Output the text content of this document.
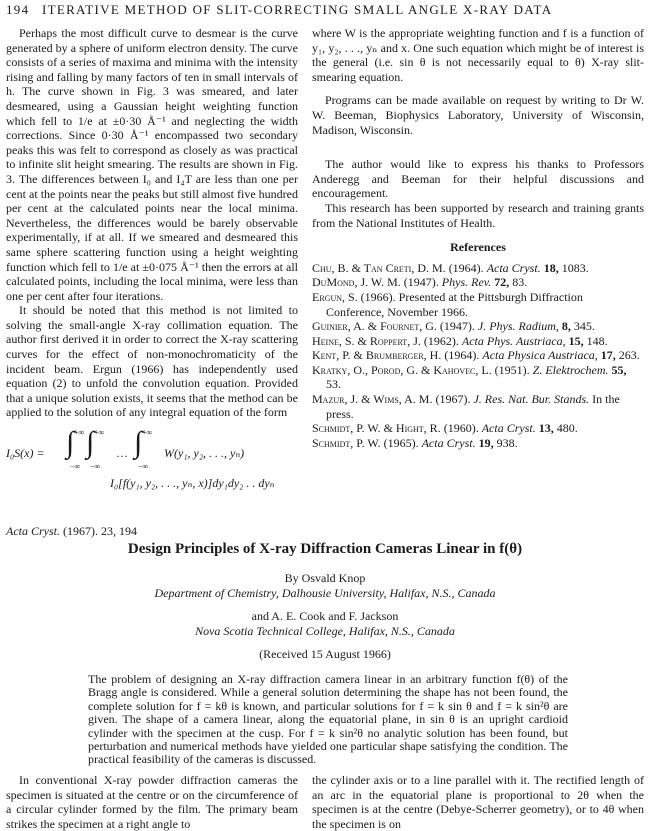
194 ITERATIVE METHOD OF SLIT-CORRECTING SMALL ANGLE X-RAY DATA

Perhaps the most difficult curve to desmear is the curve generated by a sphere of uniform electron density. The curve consists of a series of maxima and minima with the intensity rising and falling by many factors of ten in small intervals of h. The curve shown in Fig. 3 was smeared, and later desmeared, using a Gaussian height weighting function which fell to 1/e at ±0·30 Å⁻¹ and neglecting the width corrections. Since 0·30 Å⁻¹ encompassed two secondary peaks this was felt to correspond as closely as was practical to infinite slit height smearing. The results are shown in Fig. 3. The differences between I₀ and I₄T are less than one per cent at the points near the peaks but still almost five hundred per cent at the calculated points near the local minima. Nevertheless, the differences would be barely observable experimentally, if at all. If we smeared and desmeared this same sphere scattering function using a height weighting function which fell to 1/e at ±0·075 Å⁻¹ then the errors at all calculated points, including the local minima, were less than one per cent after four iterations.

It should be noted that this method is not limited to solving the small-angle X-ray collimation equation. The author first derived it in order to correct the X-ray scattering curves for the effect of non-monochromaticity of the incident beam. Ergun (1966) has independently used equation (2) to unfold the convolution equation. Provided that a unique solution exists, it seems that the method can be applied to the solution of any integral equation of the form

I₀S(x) = ∫ +∞
−∞
∫ +∞
−∞
… ∫ +∞
−∞
W(y₁, y₂, . . ., yₙ)
I₀[f(y₁, y₂, . . ., yₙ, x)]dy₁dy₂ . . dyₙ

where W is the appropriate weighting function and f is a function of y₁, y₂, . . ., yₙ and x. One such equation which might be of interest is the general (i.e. sin θ is not necessarily equal to θ) X-ray slit-smearing equation.

Programs can be made available on request by writing to Dr W. W. Beeman, Biophysics Laboratory, University of Wisconsin, Madison, Wisconsin.

The author would like to express his thanks to Professors Anderegg and Beeman for their helpful discussions and encouragement.

This research has been supported by research and training grants from the National Institutes of Health.

References

Chu, B. & Tan Creti, D. M. (1964). Acta Cryst. 18, 1083.

DuMond, J. W. M. (1947). Phys. Rev. 72, 83.

Ergun, S. (1966). Presented at the Pittsburgh Diffraction Conference, November 1966.

Guinier, A. & Fournet, G. (1947). J. Phys. Radium, 8, 345.

Heine, S. & Roppert, J. (1962). Acta Phys. Austriaca, 15, 148.

Kent, P. & Brumberger, H. (1964). Acta Physica Austriaca, 17, 263.

Kratky, O., Porod, G. & Kahovec, L. (1951). Z. Elektrochem. 55, 53.

Mazur, J. & Wims, A. M. (1967). J. Res. Nat. Bur. Stands. In the press.

Schmidt, P. W. & Hight, R. (1960). Acta Cryst. 13, 480.

Schmidt, P. W. (1965). Acta Cryst. 19, 938.

Acta Cryst. (1967). 23, 194
Design Principles of X-ray Diffraction Cameras Linear in f(θ)
By Osvald Knop
Department of Chemistry, Dalhousie University, Halifax, N.S., Canada
and A. E. Cook and F. Jackson
Nova Scotia Technical College, Halifax, N.S., Canada
(Received 15 August 1966)
The problem of designing an X-ray diffraction camera linear in an arbitrary function f(θ) of the Bragg angle is considered. While a general solution determining the shape has not been found, the complete solution for f = kθ is known, and particular solutions for f = k sin θ and f = k sin²θ are given. The shape of a camera linear, along the equatorial plane, in sin θ is an upright cardioid cylinder with the specimen at the cusp. For f = k sin²θ no analytic solution has been found, but perturbation and numerical methods have yielded one particular shape satisfying the condition. The practical feasibility of the cameras is discussed.

In conventional X-ray powder diffraction cameras the specimen is situated at the centre or on the circumference of a circular cylinder formed by the film. The primary beam strikes the specimen at a right angle to

the cylinder axis or to a line parallel with it. The rectified length of an arc in the equatorial plane is proportional to 2θ when the specimen is at the centre (Debye-Scherrer geometry), or to 4θ when the specimen is on
